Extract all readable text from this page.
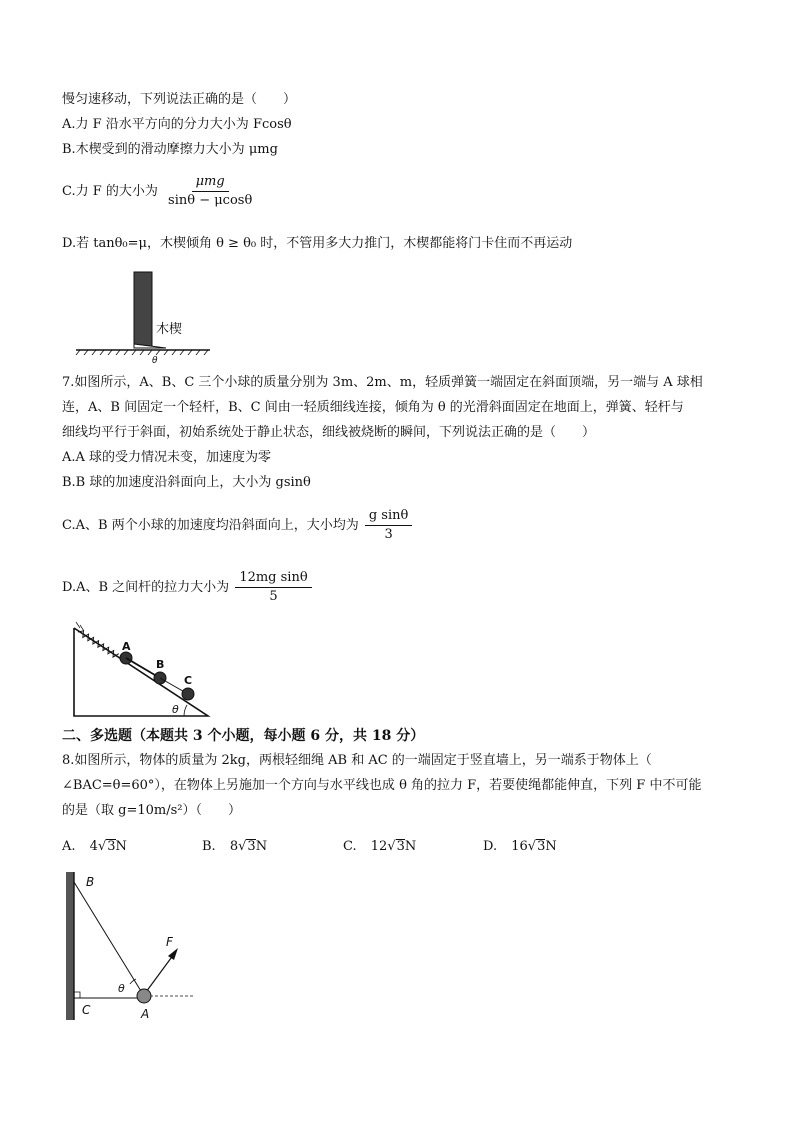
慢匀速移动，下列说法正确的是（　　）
A.力 F 沿水平方向的分力大小为 Fcosθ
B.木楔受到的滑动摩擦力大小为 μmg
C.力 F 的大小为 $\frac{\text{μmg}}{\sin\theta - \mu\cos\theta}$
D.若 tanθ₀=μ，木楔倾角 θ ≥ θ₀ 时，不管用多大力推门，木楔都能将门卡住而不再运动
木楔
θ
7.如图所示，A、B、C 三个小球的质量分别为 3m、2m、m，轻质弹簧一端固定在斜面顶端，另一端与 A 球相
连，A、B 间固定一个轻杆，B、C 间由一轻质细线连接，倾角为 θ 的光滑斜面固定在地面上，弹簧、轻杆与
细线均平行于斜面，初始系统处于静止状态，细线被烧断的瞬间，下列说法正确的是（　　）
A.A 球的受力情况未变，加速度为零
B.B 球的加速度沿斜面向上，大小为 gsinθ
C.A、B 两个小球的加速度均沿斜面向上，大小均为 $\frac{\text{g sinθ}}{3}$
D.A、B 之间杆的拉力大小为 $\frac{\text{12mg sinθ}}{5}$
A
B
C
θ
二、多选题（本题共 3 个小题，每小题 6 分，共 18 分）
8.如图所示，物体的质量为 2kg，两根轻细绳 AB 和 AC 的一端固定于竖直墙上，另一端系于物体上（
∠BAC=θ=60°），在物体上另施加一个方向与水平线也成 θ 角的拉力 F，若要使绳都能伸直，下列 F 中不可能
的是（取 g=10m/s²）（　　）
A. 4√3N	B. 8√3N	C. 12√3N	D. 16√3N
B
C	A
F
θ
